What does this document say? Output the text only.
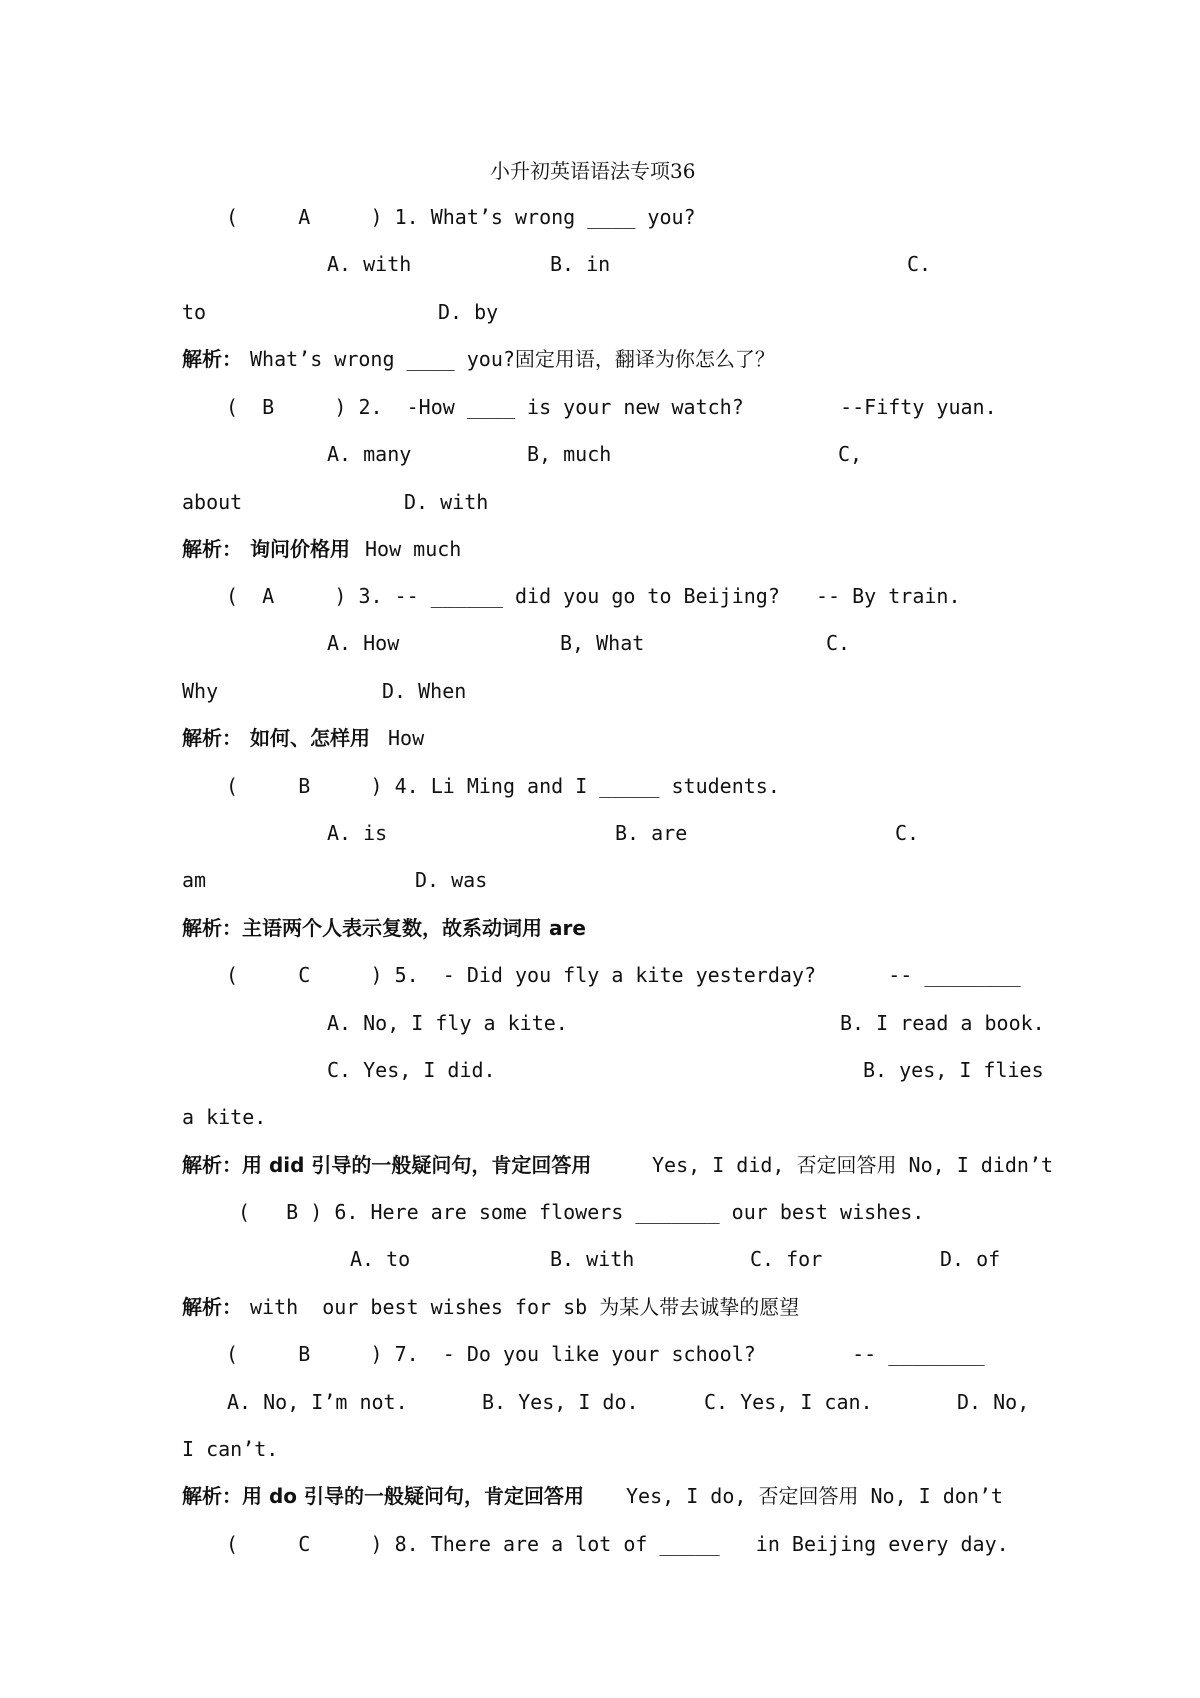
小升初英语语法专项36
(     A     ) 1. What’s wrong ____ you?
A. with	B. in	C.
to	D. by
解析： What’s wrong ____ you?固定用语，翻译为你怎么了？
(  B     ) 2.  -How ____ is your new watch?        --Fifty yuan.
A. many	B, much	C,
about	D. with
解析： 询问价格用 How much
(  A     ) 3. -- ______ did you go to Beijing?   -- By train.
A. How	B, What	C.
Why	D. When
解析： 如何、怎样用 How
(     B     ) 4. Li Ming and I _____ students.
A. is	B. are	C.
am	D. was
解析：主语两个人表示复数，故系动词用 are
(     C     ) 5.  - Did you fly a kite yesterday?      -- ________
A. No, I fly a kite.	B. I read a book.
C. Yes, I did.	B. yes, I flies
a kite.
解析：用 did 引导的一般疑问句，肯定回答用	Yes, I did, 否定回答用 No, I didn’t
(   B ) 6. Here are some flowers _______ our best wishes.
A. to	B. with	C. for	D. of
解析： with  our best wishes for sb 为某人带去诚挚的愿望
(     B     ) 7.  - Do you like your school?        -- ________
A. No, I’m not.	B. Yes, I do.	C. Yes, I can.	D. No,
I can’t.
解析：用 do 引导的一般疑问句，肯定回答用 Yes, I do, 否定回答用 No, I don’t
(     C     ) 8. There are a lot of _____   in Beijing every day.
